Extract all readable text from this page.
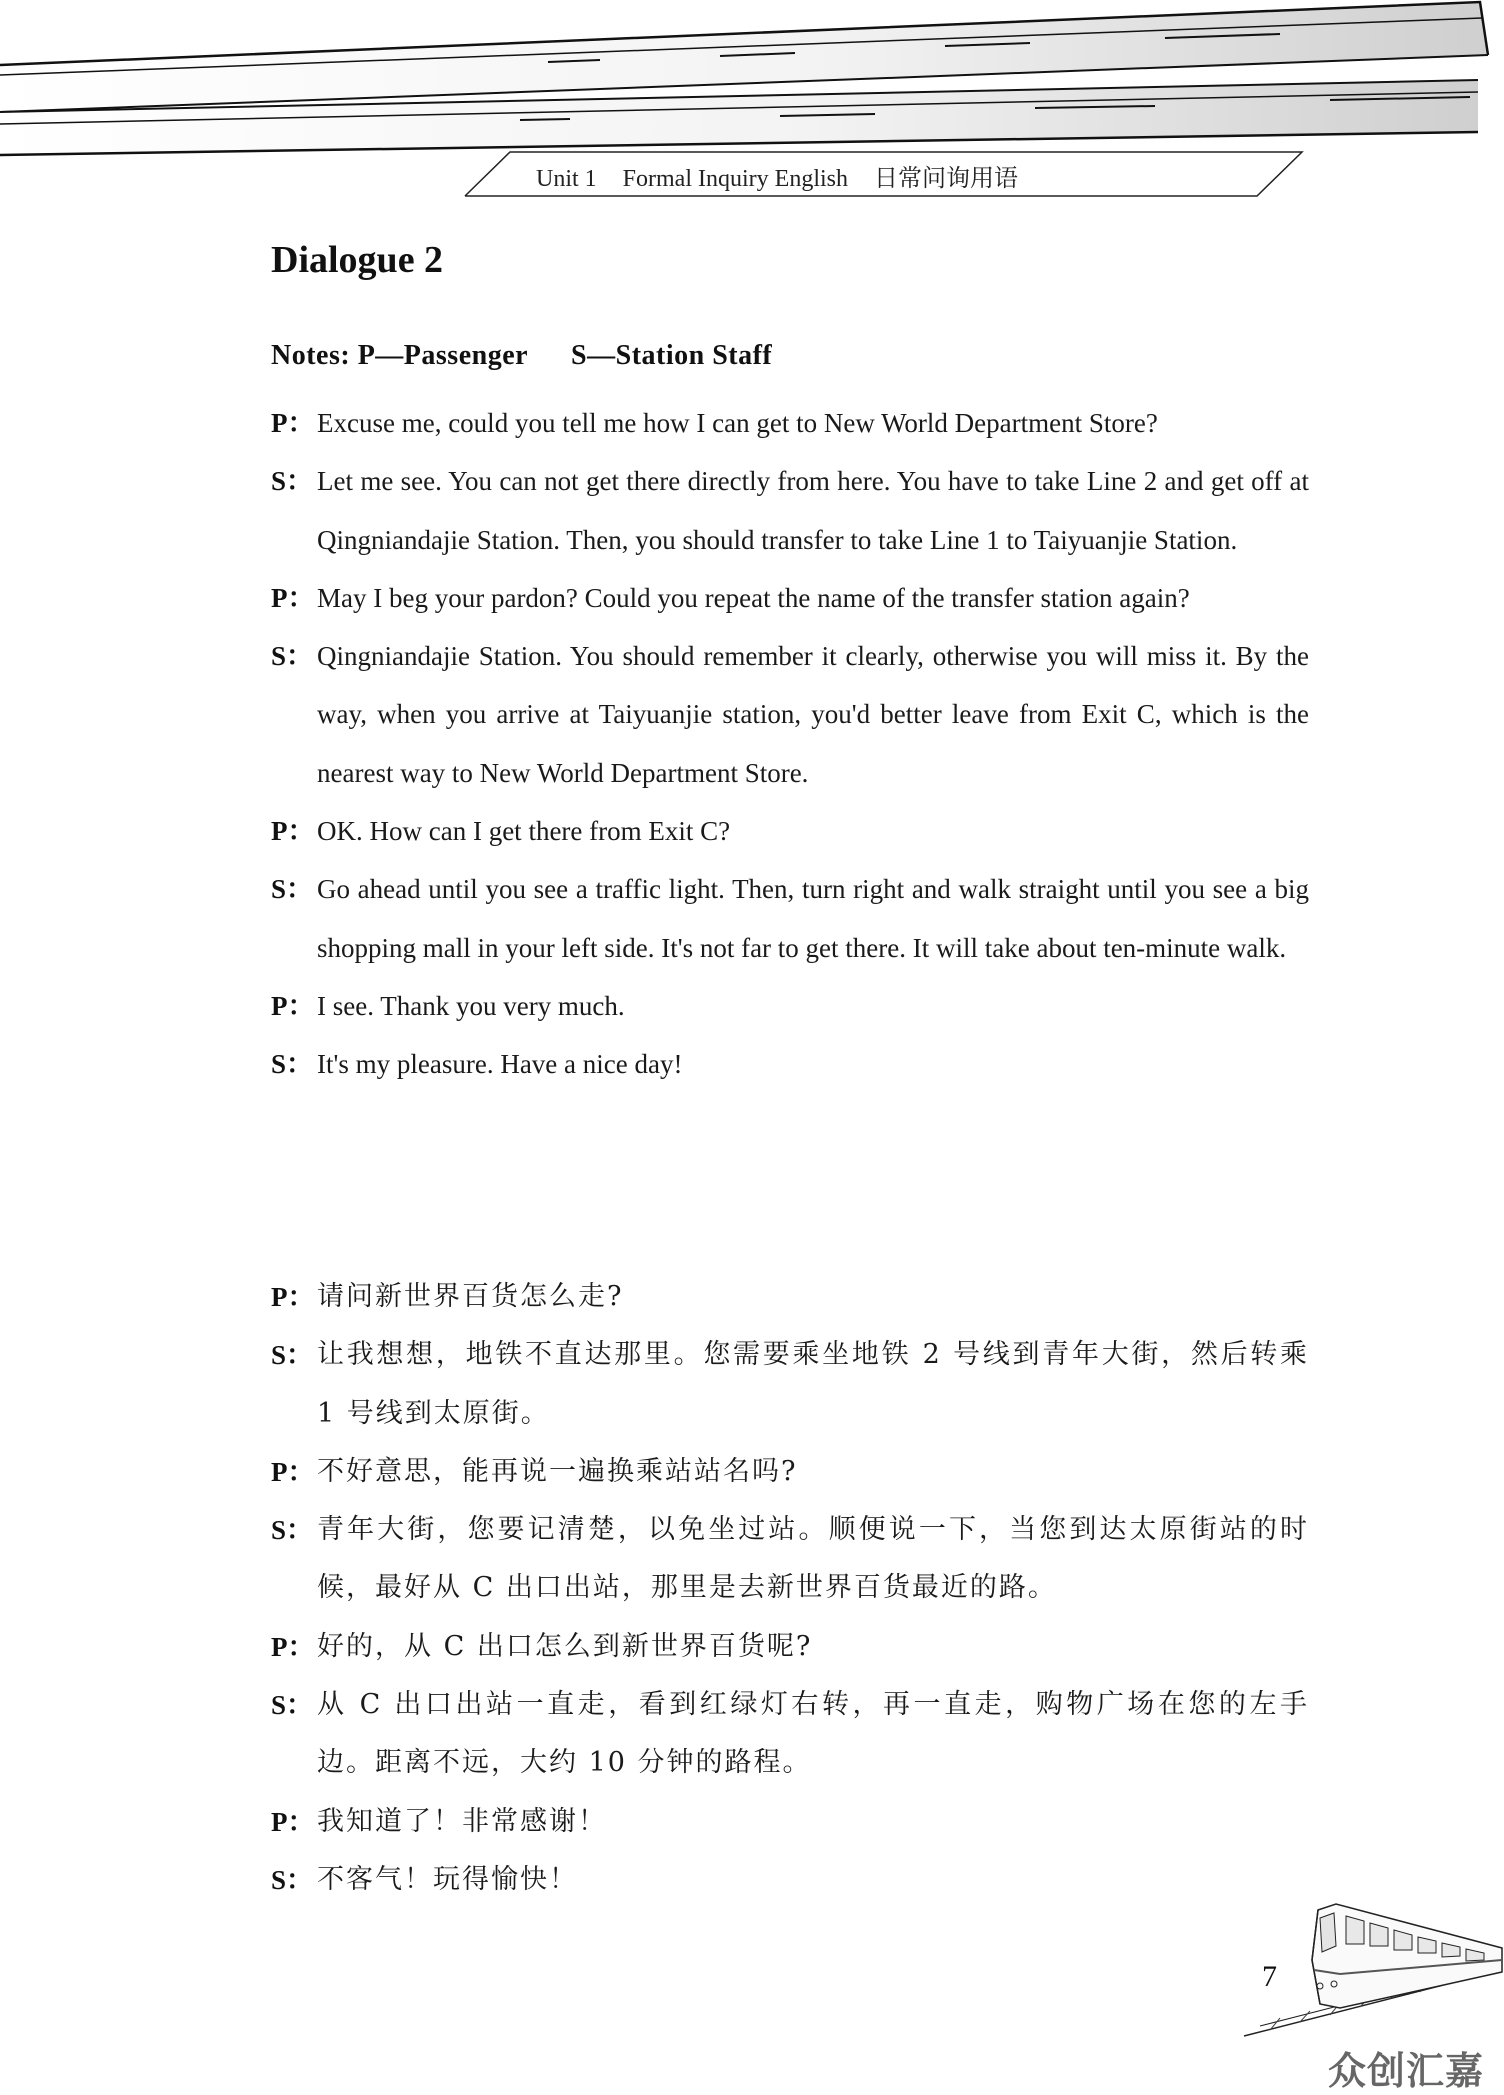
Unit 1 Formal Inquiry English 日常问询用语
Dialogue 2
Notes: P—Passenger S—Station Staff
P： Excuse me, could you tell me how I can get to New World Department Store?
S： Let me see. You can not get there directly from here. You have to take Line 2 and get off at Qingniandajie Station. Then, you should transfer to take Line 1 to Taiyuanjie Station.
P： May I beg your pardon? Could you repeat the name of the transfer station again?
S： Qingniandajie Station. You should remember it clearly, otherwise you will miss it. By the way, when you arrive at Taiyuanjie station, you'd better leave from Exit C, which is the nearest way to New World Department Store.
P： OK. How can I get there from Exit C?
S： Go ahead until you see a traffic light. Then, turn right and walk straight until you see a big shopping mall in your left side. It's not far to get there. It will take about ten-minute walk.
P： I see. Thank you very much.
S： It's my pleasure. Have a nice day!
P： 请问新世界百货怎么走?
S： 让我想想，地铁不直达那里。您需要乘坐地铁 2 号线到青年大街，然后转乘 1 号线到太原街。
P： 不好意思，能再说一遍换乘站站名吗?
S： 青年大街，您要记清楚，以免坐过站。顺便说一下，当您到达太原街站的时候，最好从 C 出口出站，那里是去新世界百货最近的路。
P： 好的，从 C 出口怎么到新世界百货呢?
S： 从 C 出口出站一直走，看到红绿灯右转，再一直走，购物广场在您的左手边。距离不远，大约 10 分钟的路程。
P： 我知道了！非常感谢！
S： 不客气！玩得愉快！
7
众创汇嘉
